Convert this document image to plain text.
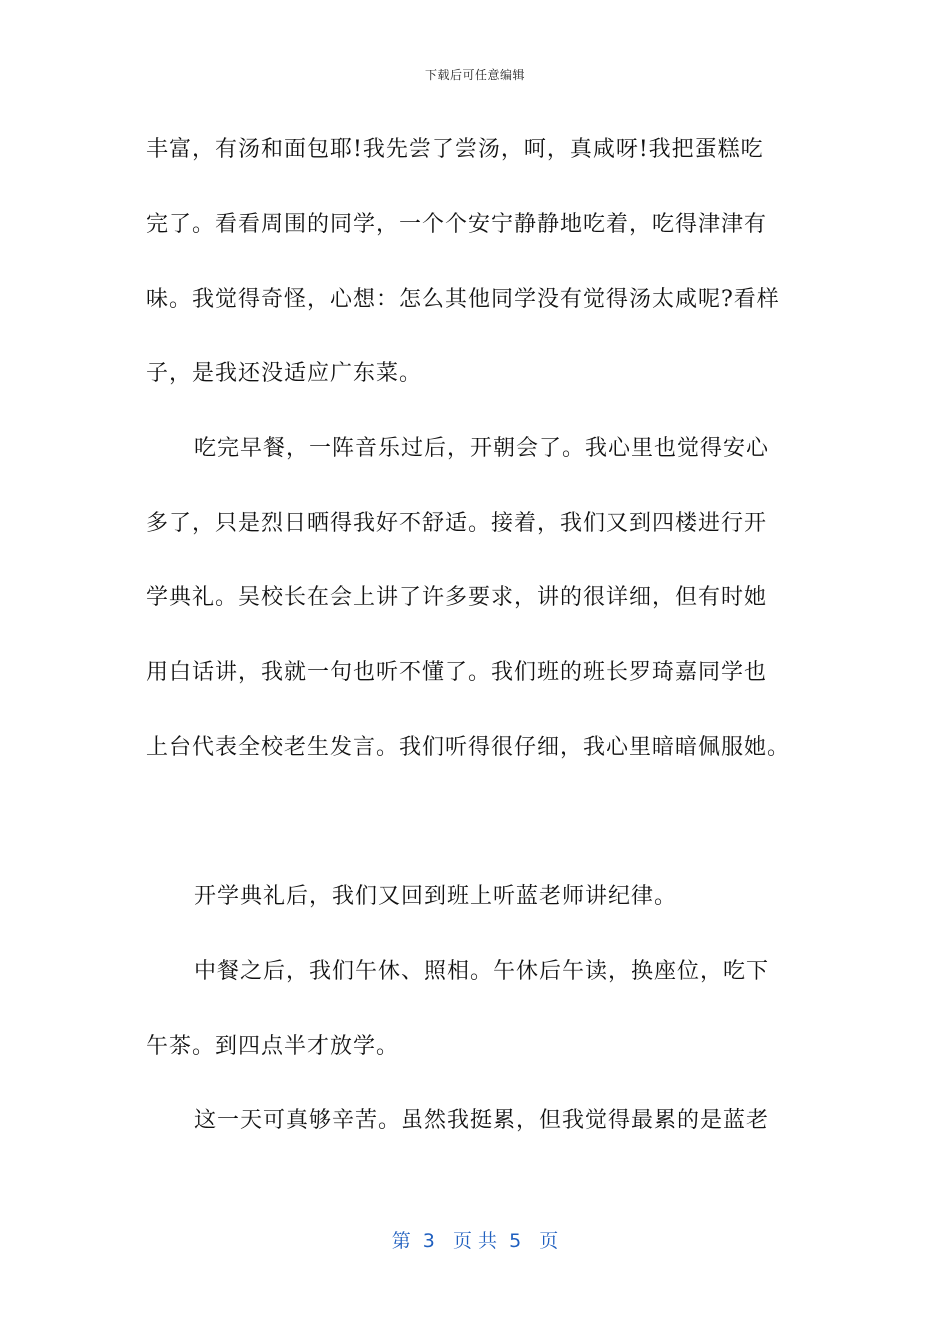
下载后可任意编辑

丰富，有汤和面包耶!我先尝了尝汤，呵，真咸呀!我把蛋糕吃

完了。看看周围的同学，一个个安宁静静地吃着，吃得津津有

味。我觉得奇怪，心想：怎么其他同学没有觉得汤太咸呢?看样

子，是我还没适应广东菜。

吃完早餐，一阵音乐过后，开朝会了。我心里也觉得安心

多了，只是烈日晒得我好不舒适。接着，我们又到四楼进行开

学典礼。吴校长在会上讲了许多要求，讲的很详细，但有时她

用白话讲，我就一句也听不懂了。我们班的班长罗琦嘉同学也

上台代表全校老生发言。我们听得很仔细，我心里暗暗佩服她。

开学典礼后，我们又回到班上听蓝老师讲纪律。

中餐之后，我们午休、照相。午休后午读，换座位，吃下

午茶。到四点半才放学。

这一天可真够辛苦。虽然我挺累，但我觉得最累的是蓝老

第  3   页 共  5   页
